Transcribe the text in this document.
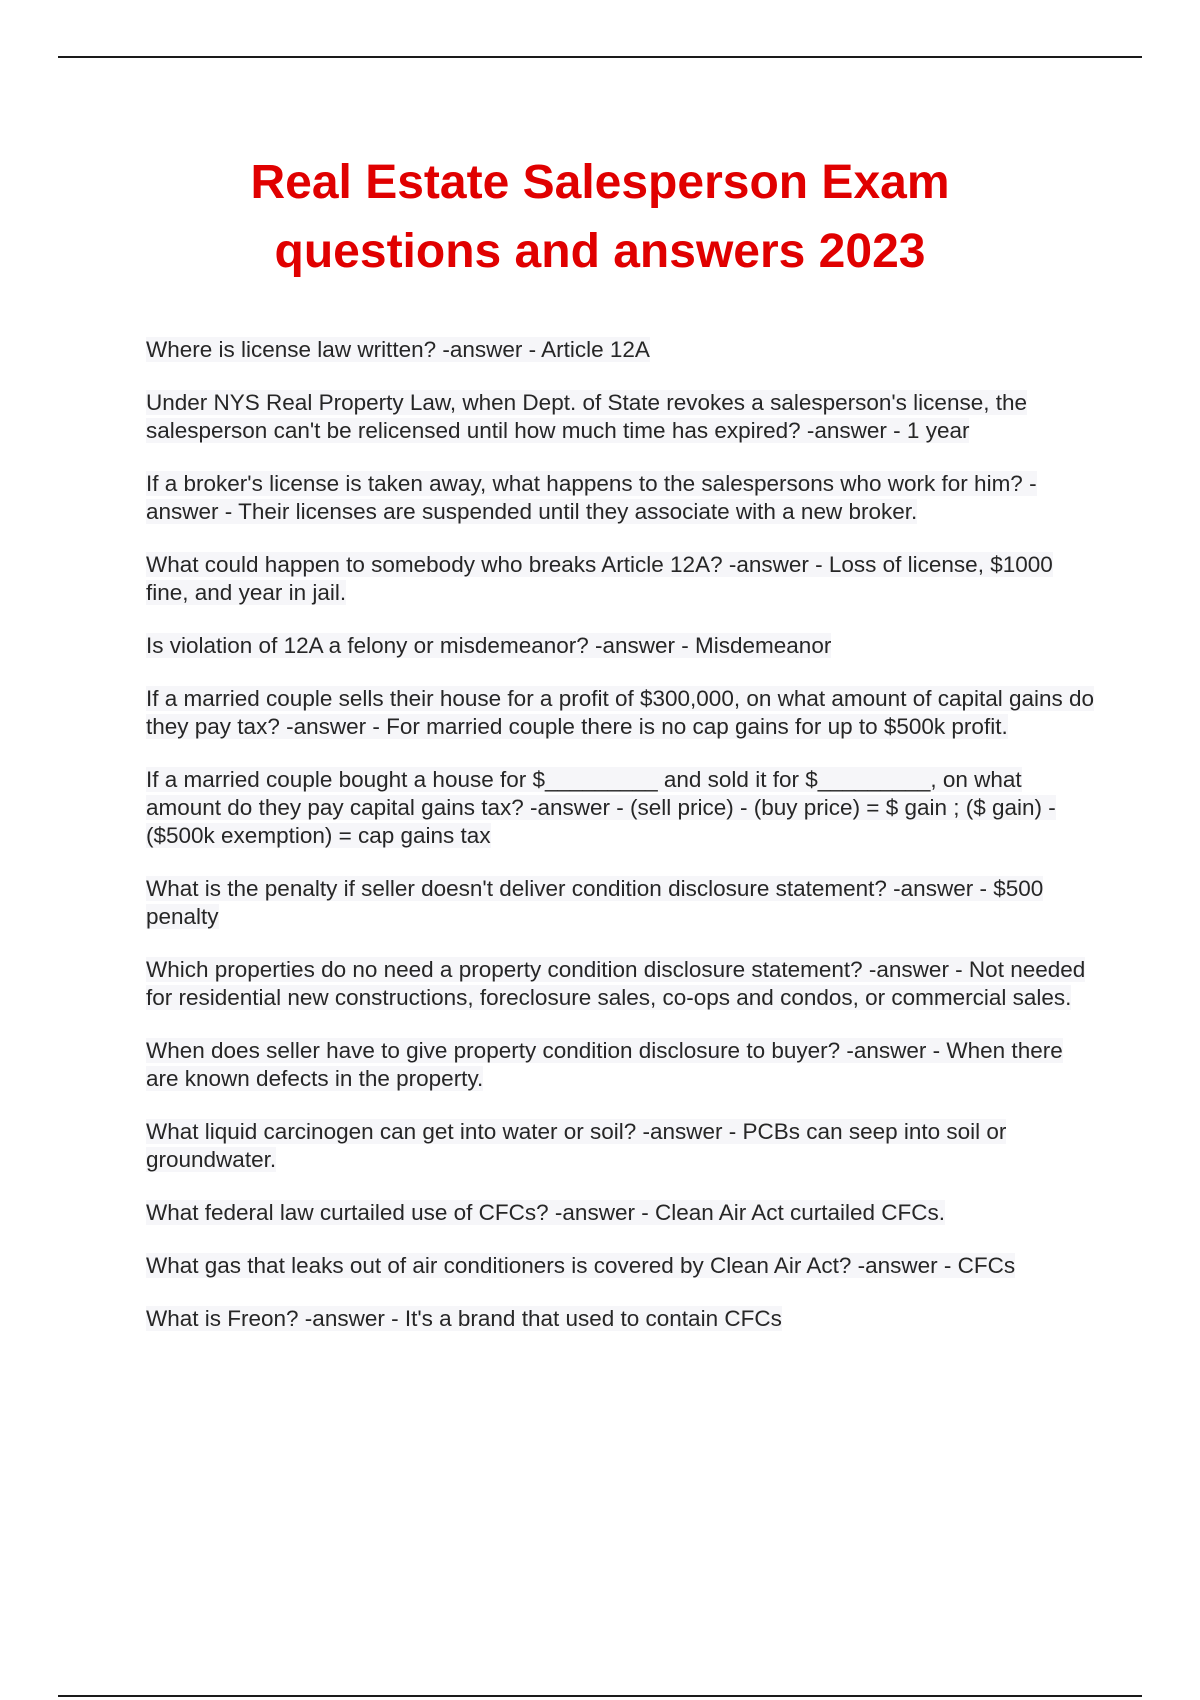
Real Estate Salesperson Exam
questions and answers 2023

Where is license law written? -answer - Article 12A

Under NYS Real Property Law, when Dept. of State revokes a salesperson's license, the salesperson can't be relicensed until how much time has expired? -answer - 1 year

If a broker's license is taken away, what happens to the salespersons who work for him? -answer - Their licenses are suspended until they associate with a new broker.

What could happen to somebody who breaks Article 12A? -answer - Loss of license, $1000 fine, and year in jail.

Is violation of 12A a felony or misdemeanor? -answer - Misdemeanor

If a married couple sells their house for a profit of $300,000, on what amount of capital gains do they pay tax? -answer - For married couple there is no cap gains for up to $500k profit.

If a married couple bought a house for $_________ and sold it for $_________, on what amount do they pay capital gains tax? -answer - (sell price) - (buy price) = $ gain ; ($ gain) - ($500k exemption) = cap gains tax

What is the penalty if seller doesn't deliver condition disclosure statement? -answer - $500 penalty

Which properties do no need a property condition disclosure statement? -answer - Not needed for residential new constructions, foreclosure sales, co-ops and condos, or commercial sales.

When does seller have to give property condition disclosure to buyer? -answer - When there are known defects in the property.

What liquid carcinogen can get into water or soil? -answer - PCBs can seep into soil or groundwater.

What federal law curtailed use of CFCs? -answer - Clean Air Act curtailed CFCs.

What gas that leaks out of air conditioners is covered by Clean Air Act? -answer - CFCs

What is Freon? -answer - It's a brand that used to contain CFCs
